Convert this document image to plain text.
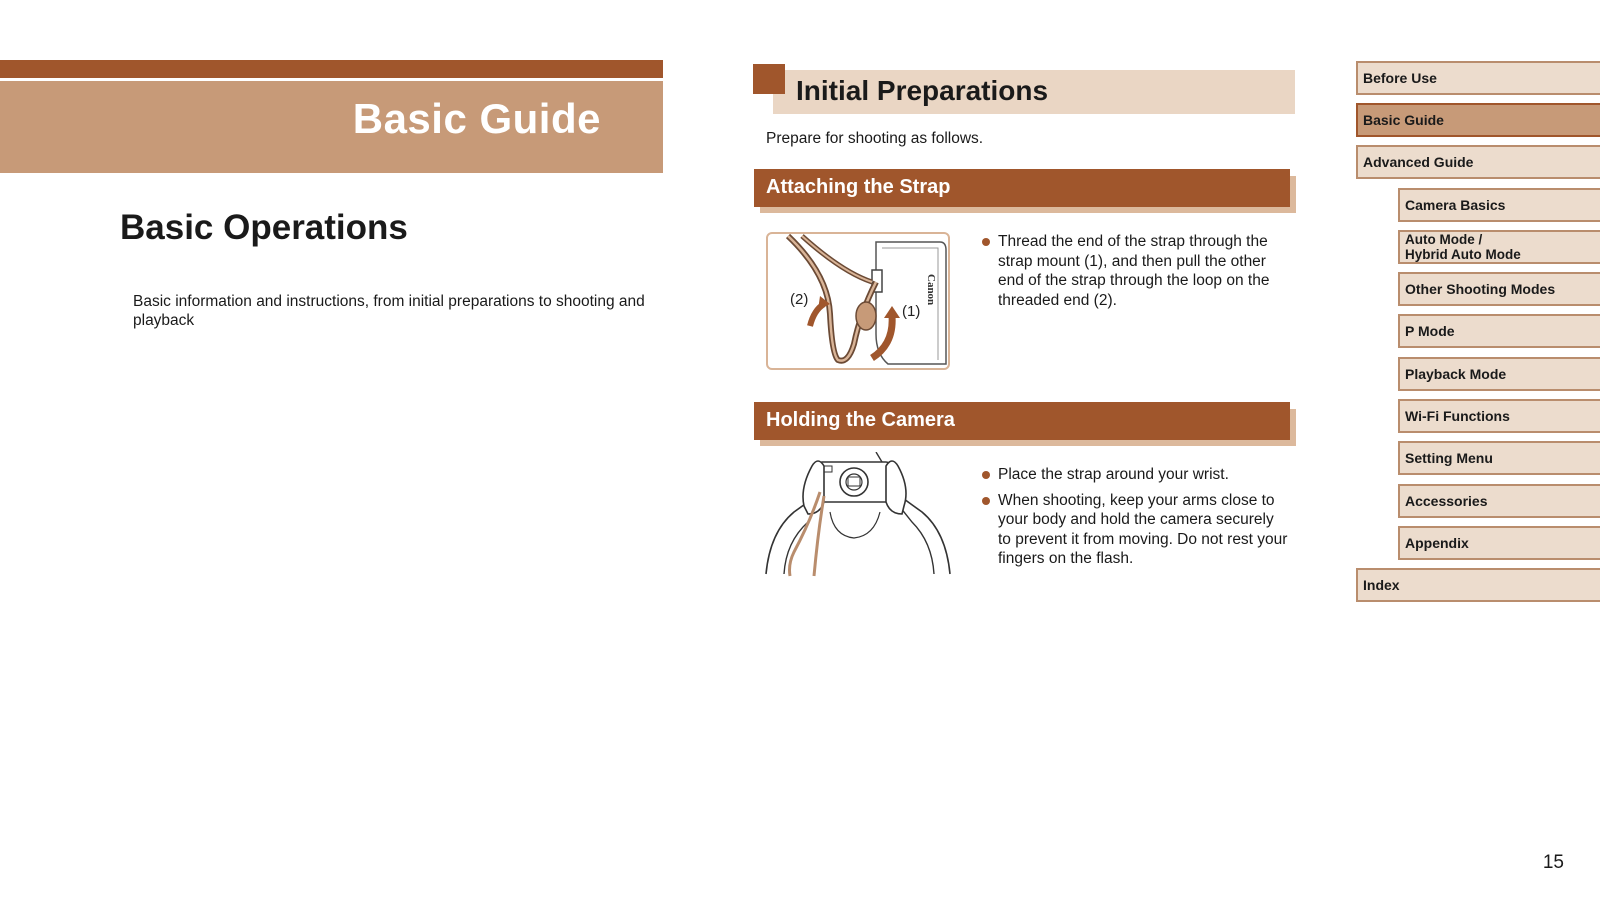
Basic Guide
Basic Operations
Basic information and instructions, from initial preparations to shooting and playback
Initial Preparations
Prepare for shooting as follows.
Attaching the Strap
Canon
(2)
(1)
Thread the end of the strap through the strap mount (1), and then pull the other end of the strap through the loop on the threaded end (2).
Holding the Camera
Place the strap around your wrist.
When shooting, keep your arms close to your body and hold the camera securely to prevent it from moving. Do not rest your fingers on the flash.
Before Use
Basic Guide
Advanced Guide
Camera Basics
Auto Mode /
Hybrid Auto Mode
Other Shooting Modes
P Mode
Playback Mode
Wi-Fi Functions
Setting Menu
Accessories
Appendix
Index
15
